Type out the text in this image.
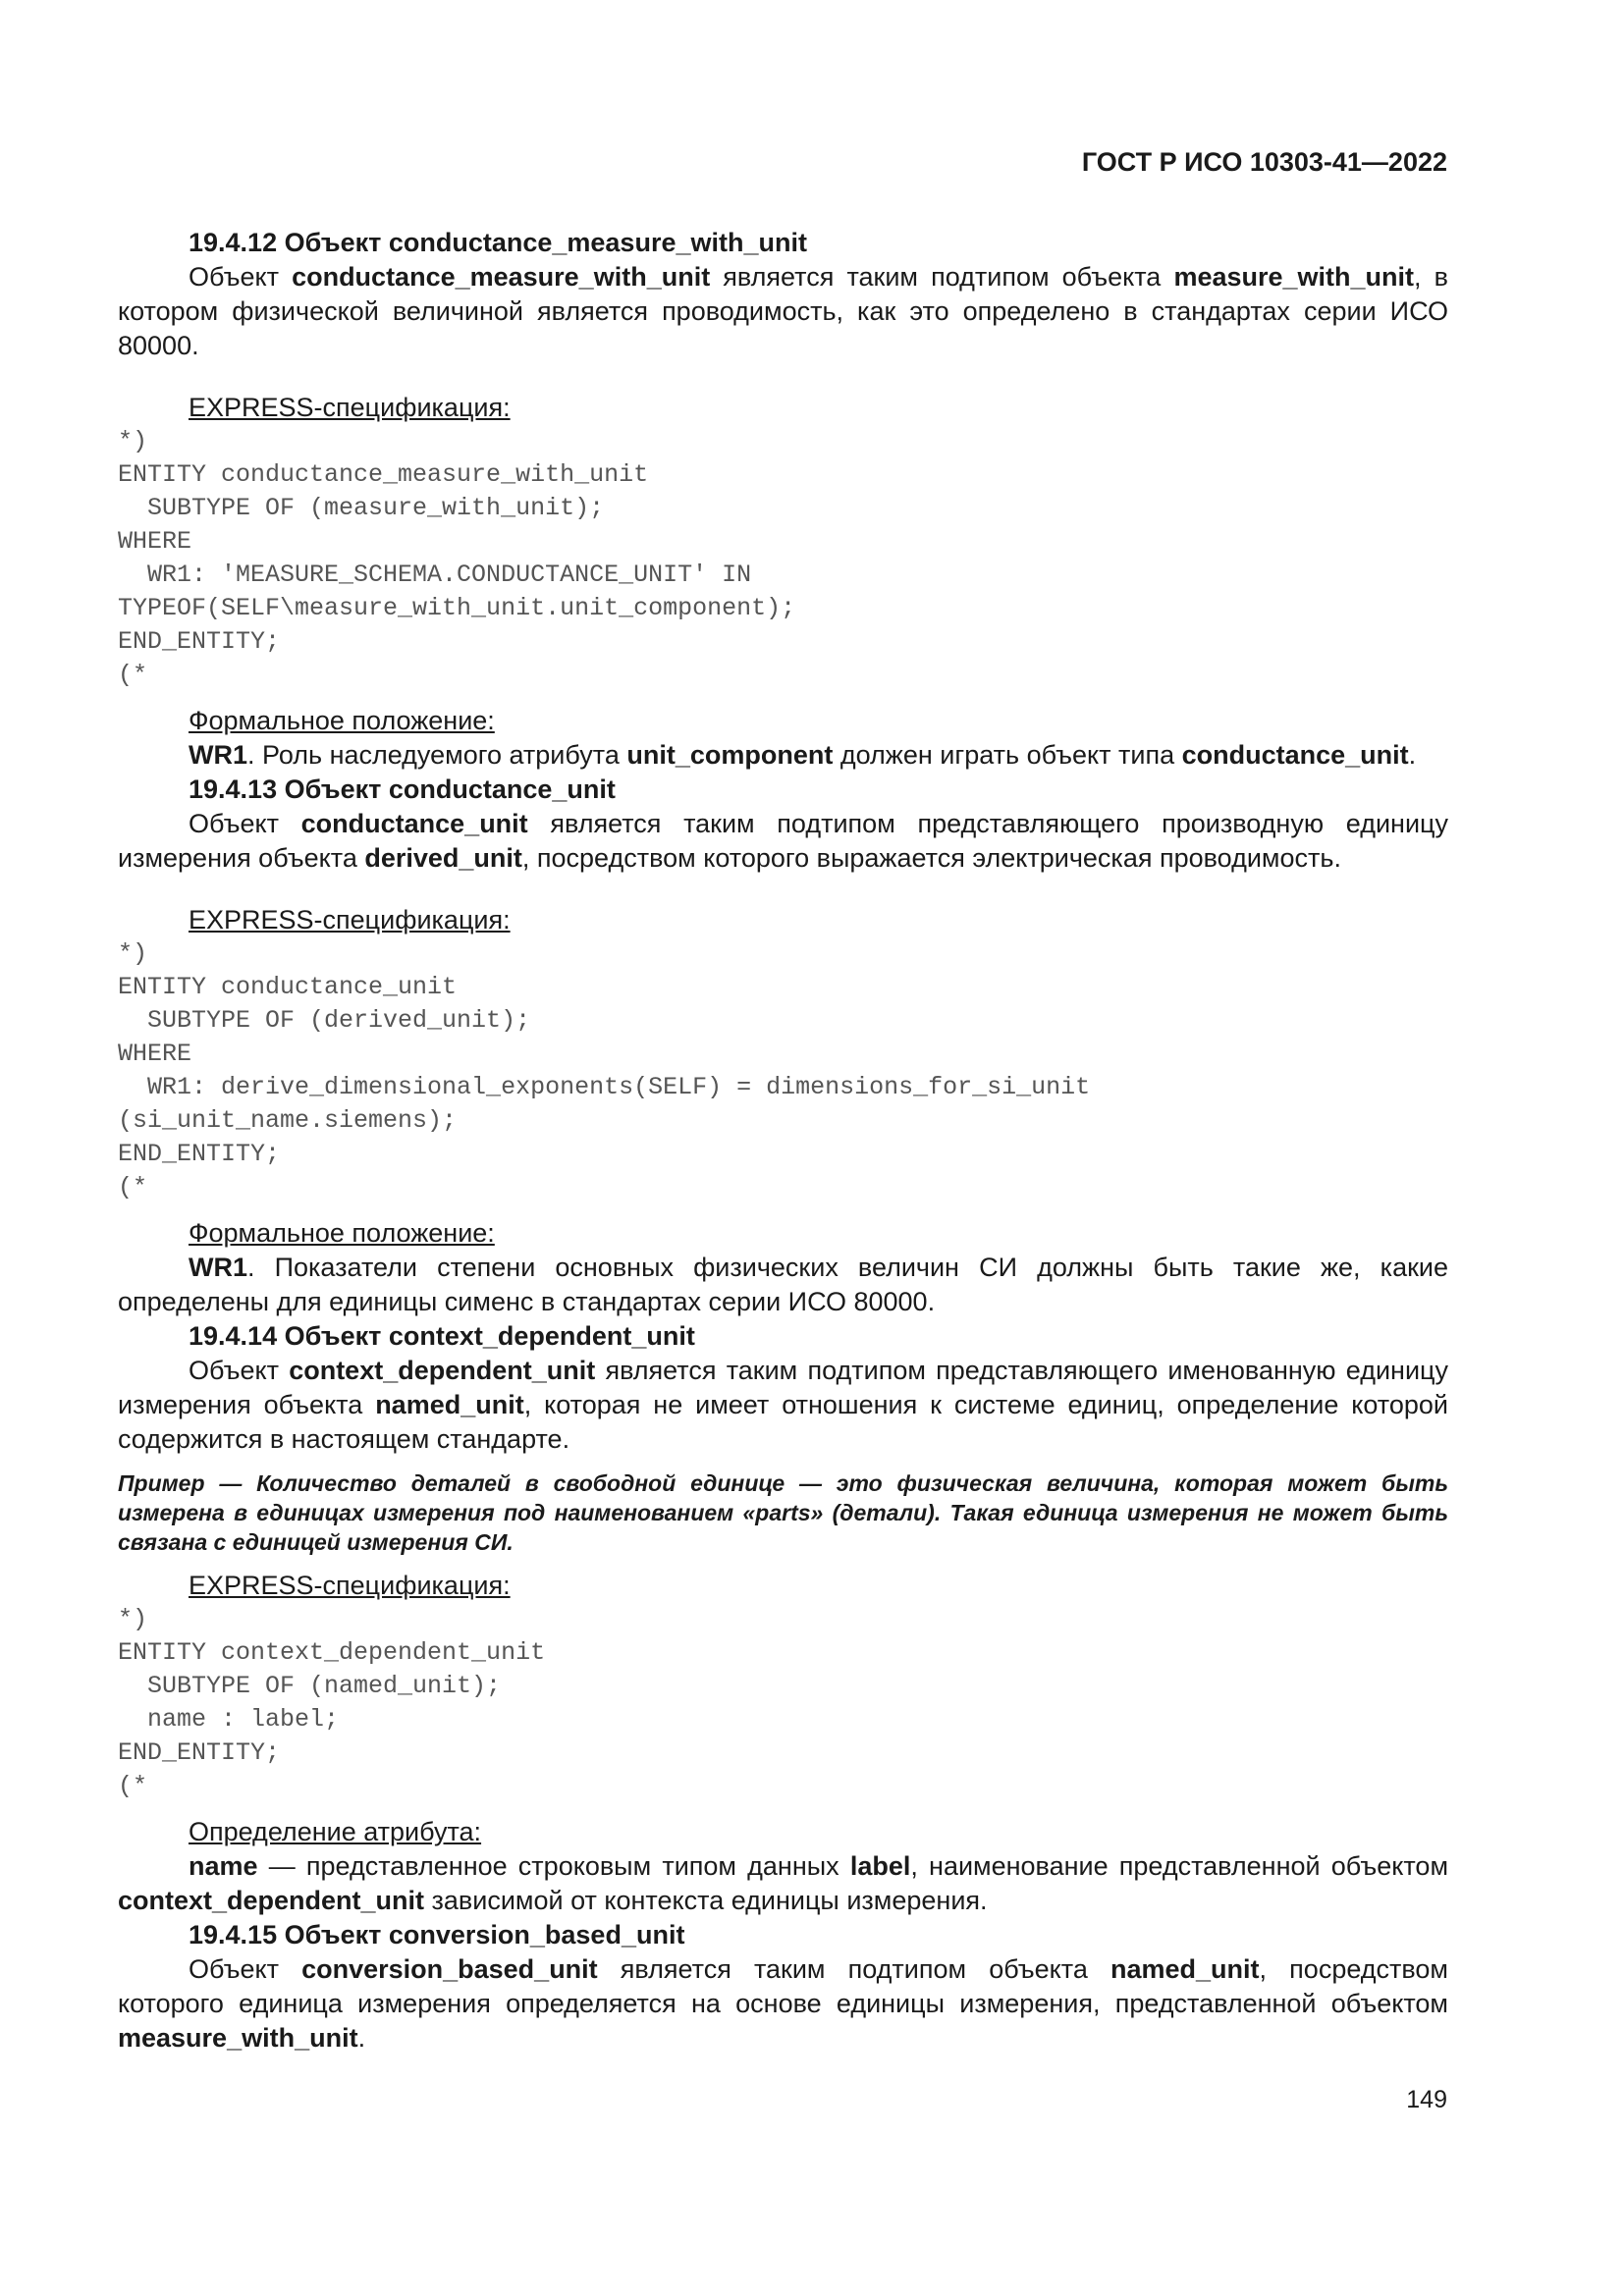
ГОСТ Р ИСО 10303-41—2022

19.4.12 Объект conductance_measure_with_unit

Объект conductance_measure_with_unit является таким подтипом объекта measure_with_unit, в котором физической величиной является проводимость, как это определено в стандартах серии ИСО 80000.

EXPRESS-спецификация:

*)
ENTITY conductance_measure_with_unit
SUBTYPE OF (measure_with_unit);
WHERE
WR1: 'MEASURE_SCHEMA.CONDUCTANCE_UNIT' IN
TYPEOF(SELF\measure_with_unit.unit_component);
END_ENTITY;
(*

Формальное положение:

WR1. Роль наследуемого атрибута unit_component должен играть объект типа conductance_unit.

19.4.13 Объект conductance_unit

Объект conductance_unit является таким подтипом представляющего производную единицу измерения объекта derived_unit, посредством которого выражается электрическая проводимость.

EXPRESS-спецификация:

*)
ENTITY conductance_unit
SUBTYPE OF (derived_unit);
WHERE
WR1: derive_dimensional_exponents(SELF) = dimensions_for_si_unit
(si_unit_name.siemens);
END_ENTITY;
(*

Формальное положение:

WR1. Показатели степени основных физических величин СИ должны быть такие же, какие определены для единицы сименс в стандартах серии ИСО 80000.

19.4.14 Объект context_dependent_unit

Объект context_dependent_unit является таким подтипом представляющего именованную единицу измерения объекта named_unit, которая не имеет отношения к системе единиц, определение которой содержится в настоящем стандарте.

Пример — Количество деталей в свободной единице — это физическая величина, которая может быть измерена в единицах измерения под наименованием «parts» (детали). Такая единица измерения не может быть связана с единицей измерения СИ.

EXPRESS-спецификация:

*)
ENTITY context_dependent_unit
SUBTYPE OF (named_unit);
name : label;
END_ENTITY;
(*

Определение атрибута:

name — представленное строковым типом данных label, наименование представленной объектом context_dependent_unit зависимой от контекста единицы измерения.

19.4.15 Объект conversion_based_unit

Объект conversion_based_unit является таким подтипом объекта named_unit, посредством которого единица измерения определяется на основе единицы измерения, представленной объектом measure_with_unit.

149
